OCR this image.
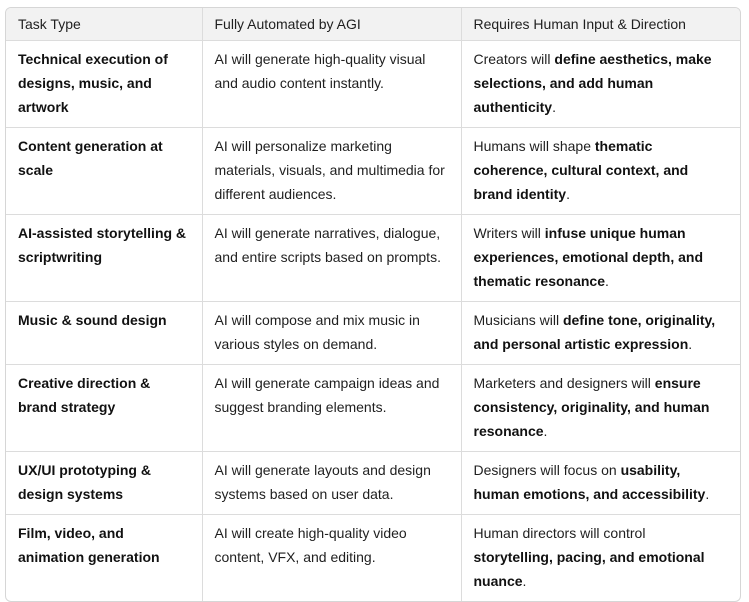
Task Type	Fully Automated by AGI	Requires Human Input & Direction
Technical execution of designs, music, and artwork	AI will generate high-quality visual and audio content instantly.	Creators will define aesthetics, make selections, and add human authenticity.
Content generation at scale	AI will personalize marketing materials, visuals, and multimedia for different audiences.	Humans will shape thematic coherence, cultural context, and brand identity.
AI-assisted storytelling & scriptwriting	AI will generate narratives, dialogue, and entire scripts based on prompts.	Writers will infuse unique human experiences, emotional depth, and thematic resonance.
Music & sound design	AI will compose and mix music in various styles on demand.	Musicians will define tone, originality, and personal artistic expression.
Creative direction & brand strategy	AI will generate campaign ideas and suggest branding elements.	Marketers and designers will ensure consistency, originality, and human resonance.
UX/UI prototyping & design systems	AI will generate layouts and design systems based on user data.	Designers will focus on usability, human emotions, and accessibility.
Film, video, and animation generation	AI will create high-quality video content, VFX, and editing.	Human directors will control storytelling, pacing, and emotional nuance.
